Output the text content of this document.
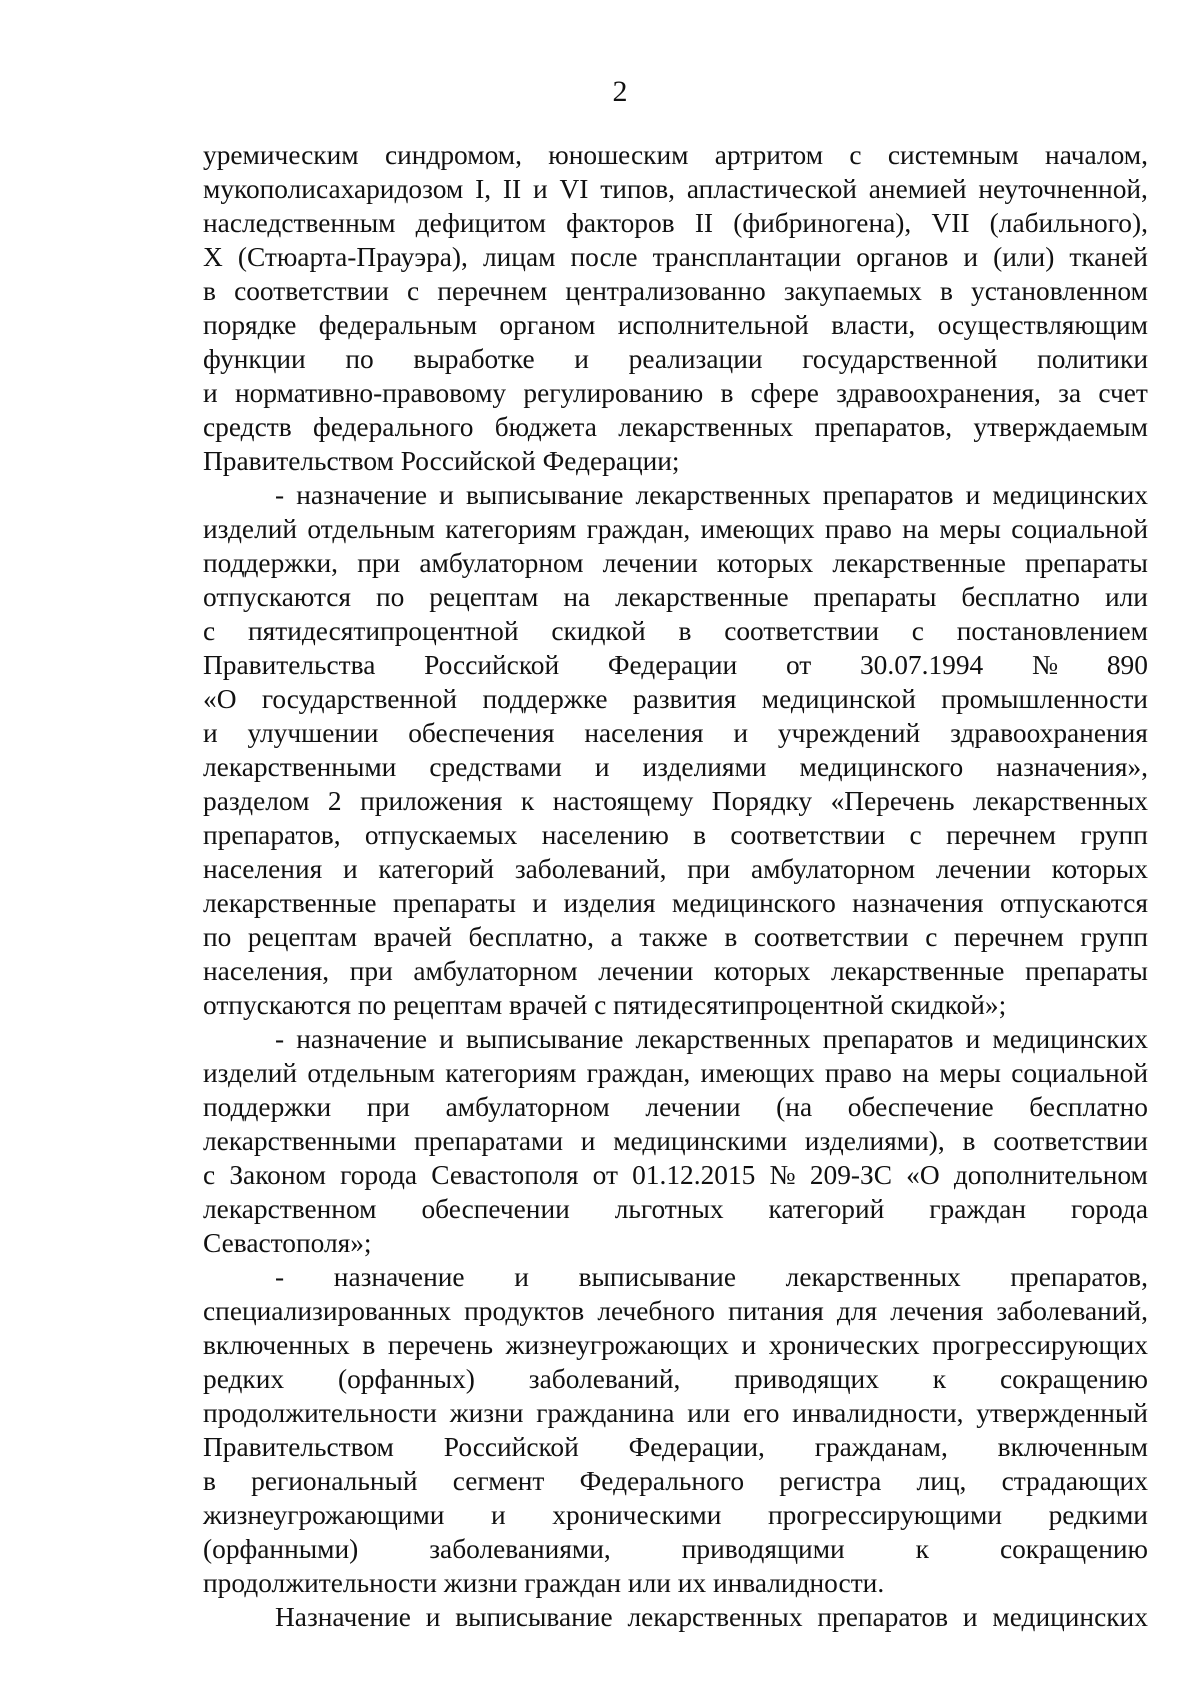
2
уремическим синдромом, юношеским артритом с системным началом,
мукополисахаридозом I, II и VI типов, апластической анемией неуточненной,
наследственным дефицитом факторов II (фибриногена), VII (лабильного),
X (Стюарта-Прауэра), лицам после трансплантации органов и (или) тканей
в соответствии с перечнем централизованно закупаемых в установленном
порядке федеральным органом исполнительной власти, осуществляющим
функции по выработке и реализации государственной политики
и нормативно-правовому регулированию в сфере здравоохранения, за счет
средств федерального бюджета лекарственных препаратов, утверждаемым
Правительством Российской Федерации;
- назначение и выписывание лекарственных препаратов и медицинских
изделий отдельным категориям граждан, имеющих право на меры социальной
поддержки, при амбулаторном лечении которых лекарственные препараты
отпускаются по рецептам на лекарственные препараты бесплатно или
с пятидесятипроцентной скидкой в соответствии с постановлением
Правительства Российской Федерации от 30.07.1994 № 890
«О государственной поддержке развития медицинской промышленности
и улучшении обеспечения населения и учреждений здравоохранения
лекарственными средствами и изделиями медицинского назначения»,
разделом 2 приложения к настоящему Порядку «Перечень лекарственных
препаратов, отпускаемых населению в соответствии с перечнем групп
населения и категорий заболеваний, при амбулаторном лечении которых
лекарственные препараты и изделия медицинского назначения отпускаются
по рецептам врачей бесплатно, а также в соответствии с перечнем групп
населения, при амбулаторном лечении которых лекарственные препараты
отпускаются по рецептам врачей с пятидесятипроцентной скидкой»;
- назначение и выписывание лекарственных препаратов и медицинских
изделий отдельным категориям граждан, имеющих право на меры социальной
поддержки при амбулаторном лечении (на обеспечение бесплатно
лекарственными препаратами и медицинскими изделиями), в соответствии
с Законом города Севастополя от 01.12.2015 № 209-ЗС «О дополнительном
лекарственном обеспечении льготных категорий граждан города
Севастополя»;
- назначение и выписывание лекарственных препаратов,
специализированных продуктов лечебного питания для лечения заболеваний,
включенных в перечень жизнеугрожающих и хронических прогрессирующих
редких (орфанных) заболеваний, приводящих к сокращению
продолжительности жизни гражданина или его инвалидности, утвержденный
Правительством Российской Федерации, гражданам, включенным
в региональный сегмент Федерального регистра лиц, страдающих
жизнеугрожающими и хроническими прогрессирующими редкими
(орфанными)	заболеваниями,	приводящими	к	сокращению
продолжительности жизни граждан или их инвалидности.
Назначение и выписывание лекарственных препаратов и медицинских
